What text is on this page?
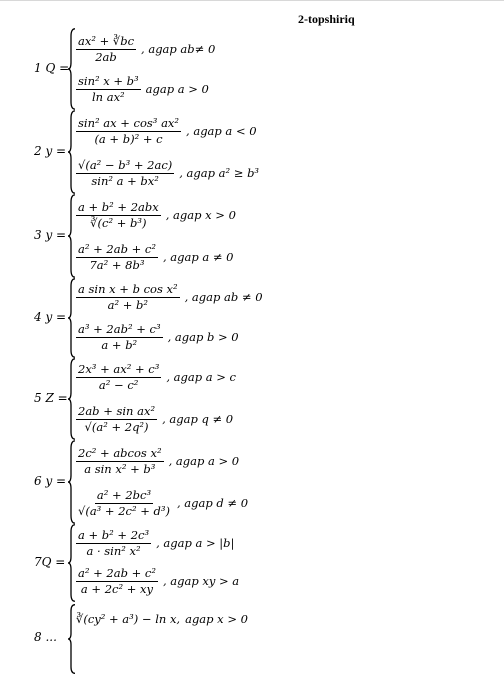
2-topshiriq
1 Q =
$\frac{\text{ax² + ∛bc}}{2ab}$ , agap ab≠ 0
$\frac{\text{sin² x + b³}}{\text{ln ax²}}$ agap a > 0
2 y =
$\frac{\text{sin² ax + cos³ ax²}}{\text{(a + b)² + c}}$ , agap a < 0
$\frac{\text{√(a² − b³ + 2ac)}}{\text{sin² a + bx²}}$ , agap a² ≥ b³
3 y =
$\frac{\text{a + b² + 2abx}}{\text{∛(c² + b³)}}$ , agap x > 0
$\frac{\text{a² + 2ab + c²}}{\text{7a² + 8b³}}$ , agap a ≠ 0
4 y =
$\frac{\text{a sin x + b cos x²}}{\text{a² + b²}}$ , agap ab ≠ 0
$\frac{\text{a³ + 2ab² + c³}}{\text{a + b²}}$ , agap b > 0
5 Z =
$\frac{\text{2x³ + ax² + c³}}{\text{a² − c²}}$ , agap a > c
$\frac{\text{2ab + sin ax²}}{\text{√(a² + 2q²)}}$ , agap q ≠ 0
6 y =
$\frac{\text{2c² + abcos x²}}{\text{a sin x² + b³}}$ , agap a > 0
$\frac{\text{a² + 2bc³}}{\text{√(a³ + 2c² + d³)}}$ , agap d ≠ 0
7Q =
$\frac{\text{a + b² + 2c³}}{\text{a · sin² x²}}$ , agap a > |b|
$\frac{\text{a² + 2ab + c²}}{\text{a + 2c² + xy}}$ , agap xy > a
8 ...
∛(cy² + a³) − ln x, agap x > 0
